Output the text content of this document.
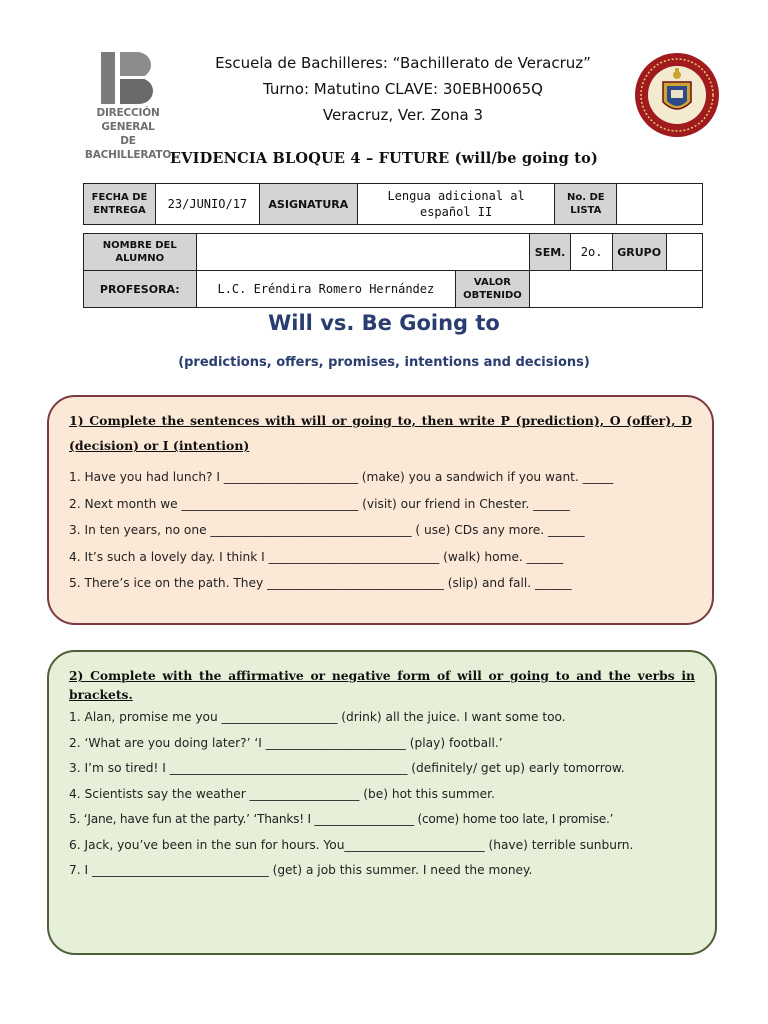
DIRECCIÓN GENERAL
DE BACHILLERATO
Escuela de Bachilleres: “Bachillerato de Veracruz”
Turno: Matutino CLAVE: 30EBH0065Q
Veracruz, Ver. Zona 3
EVIDENCIA BLOQUE 4 – FUTURE (will/be going to)
FECHA DE ENTREGA	23/JUNIO/17	ASIGNATURA	Lengua adicional al español II	No. DE LISTA	
NOMBRE DEL ALUMNO			SEM.	2o.	GRUPO	
PROFESORA:	L.C. Eréndira Romero Hernández	VALOR OBTENIDO				
Will vs. Be Going to
(predictions, offers, promises, intentions and decisions)
1) Complete the sentences with will or going to, then write P (prediction), O (offer), D (decision) or I (intention)
1. Have you had lunch? I ______________________ (make) you a sandwich if you want. _____
2. Next month we _____________________________ (visit) our friend in Chester. ______
3. In ten years, no one _________________________________ ( use) CDs any more. ______
4. It’s such a lovely day. I think I ____________________________ (walk) home. ______
5. There’s ice on the path. They _____________________________ (slip) and fall. ______
2) Complete with the affirmative or negative form of will or going to and the verbs in brackets.
1. Alan, promise me you ___________________ (drink) all the juice. I want some too.
2. ‘What are you doing later?’ ‘I _______________________ (play) football.’
3. I’m so tired! I _______________________________________ (definitely/ get up) early tomorrow.
4. Scientists say the weather __________________ (be) hot this summer.
5. ‘Jane, have fun at the party.’ ‘Thanks! I _________________ (come) home too late, I promise.’
6. Jack, you’ve been in the sun for hours. You_______________________ (have) terrible sunburn.
7. I _____________________________ (get) a job this summer. I need the money.
